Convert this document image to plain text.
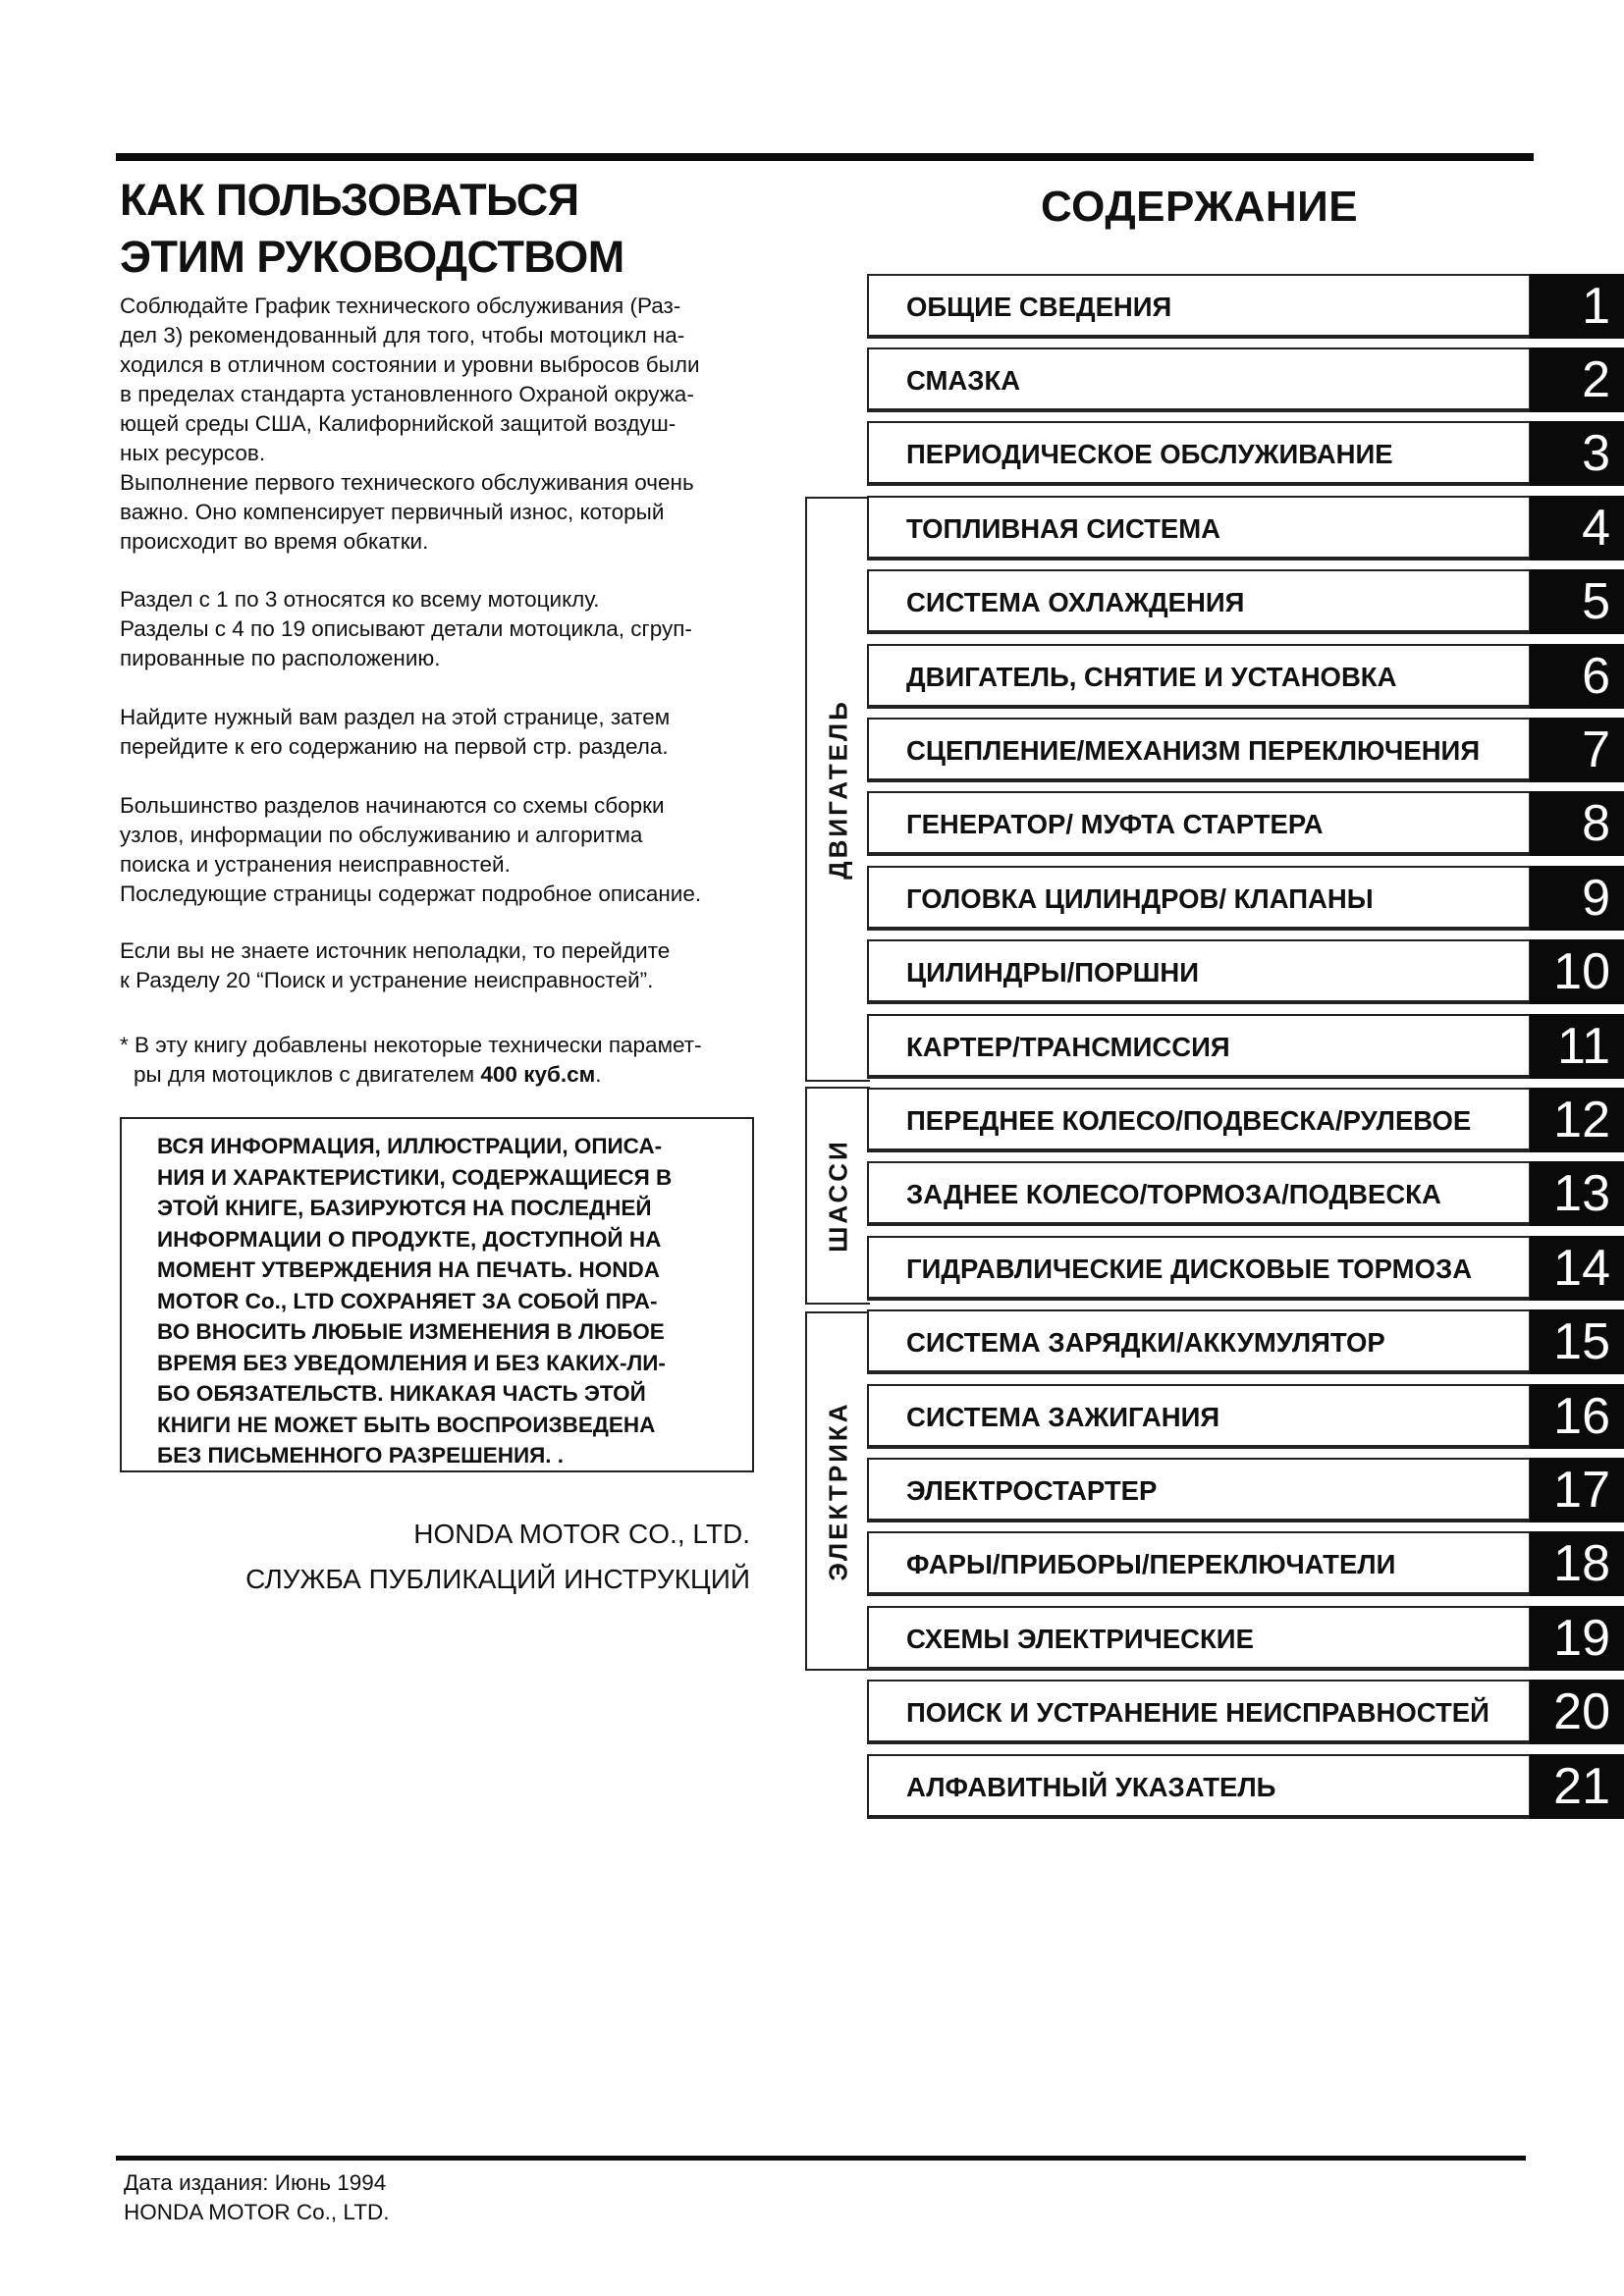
КАК ПОЛЬЗОВАТЬСЯ
ЭТИМ РУКОВОДСТВОМ
Соблюдайте График технического обслуживания (Раз-
дел 3) рекомендованный для того, чтобы мотоцикл на-
ходился в отличном состоянии и уровни выбросов были
в пределах стандарта установленного Охраной окружа-
ющей среды США, Калифорнийской защитой воздуш-
ных ресурсов.
Выполнение первого технического обслуживания очень
важно. Оно компенсирует первичный износ, который
происходит во время обкатки.
Раздел с 1 по 3 относятся ко всему мотоциклу.
Разделы с 4 по 19 описывают детали мотоцикла, сгруп-
пированные по расположению.
Найдите нужный вам раздел на этой странице, затем
перейдите к его содержанию на первой стр. раздела.
Большинство разделов начинаются со схемы сборки
узлов, информации по обслуживанию и алгоритма
поиска и устранения неисправностей.
Последующие страницы содержат подробное описание.
Если вы не знаете источник неполадки, то перейдите
к Разделу 20 “Поиск и устранение неисправностей”.
* В эту книгу добавлены некоторые технически парамет-
ры для мотоциклов с двигателем 400 куб.см.
ВСЯ ИНФОРМАЦИЯ, ИЛЛЮСТРАЦИИ, ОПИСА-
НИЯ И ХАРАКТЕРИСТИКИ, СОДЕРЖАЩИЕСЯ В
ЭТОЙ КНИГЕ, БАЗИРУЮТСЯ НА ПОСЛЕДНЕЙ
ИНФОРМАЦИИ О ПРОДУКТЕ, ДОСТУПНОЙ НА
МОМЕНТ УТВЕРЖДЕНИЯ НА ПЕЧАТЬ. HONDA
MOTOR Co., LTD СОХРАНЯЕТ ЗА СОБОЙ ПРА-
ВО ВНОСИТЬ ЛЮБЫЕ ИЗМЕНЕНИЯ В ЛЮБОЕ
ВРЕМЯ БЕЗ УВЕДОМЛЕНИЯ И БЕЗ КАКИХ-ЛИ-
БО ОБЯЗАТЕЛЬСТВ. НИКАКАЯ ЧАСТЬ ЭТОЙ
КНИГИ НЕ МОЖЕТ БЫТЬ ВОСПРОИЗВЕДЕНА
БЕЗ ПИСЬМЕННОГО РАЗРЕШЕНИЯ. .
HONDA MOTOR CO., LTD.
СЛУЖБА ПУБЛИКАЦИЙ ИНСТРУКЦИЙ
СОДЕРЖАНИЕ
ДВИГАТЕЛЬ
ШАССИ
ЭЛЕКТРИКА
ОБЩИЕ СВЕДЕНИЯ	1
СМАЗКА	2
ПЕРИОДИЧЕСКОЕ ОБСЛУЖИВАНИЕ	3
ТОПЛИВНАЯ СИСТЕМА	4
СИСТЕМА ОХЛАЖДЕНИЯ	5
ДВИГАТЕЛЬ, СНЯТИЕ И УСТАНОВКА	6
СЦЕПЛЕНИЕ/МЕХАНИЗМ ПЕРЕКЛЮЧЕНИЯ	7
ГЕНЕРАТОР/ МУФТА СТАРТЕРА	8
ГОЛОВКА ЦИЛИНДРОВ/ КЛАПАНЫ	9
ЦИЛИНДРЫ/ПОРШНИ	10
КАРТЕР/ТРАНСМИССИЯ	11
ПЕРЕДНЕЕ КОЛЕСО/ПОДВЕСКА/РУЛЕВОЕ	12
ЗАДНЕЕ КОЛЕСО/ТОРМОЗА/ПОДВЕСКА	13
ГИДРАВЛИЧЕСКИЕ ДИСКОВЫЕ ТОРМОЗА	14
СИСТЕМА ЗАРЯДКИ/АККУМУЛЯТОР	15
СИСТЕМА ЗАЖИГАНИЯ	16
ЭЛЕКТРОСТАРТЕР	17
ФАРЫ/ПРИБОРЫ/ПЕРЕКЛЮЧАТЕЛИ	18
СХЕМЫ ЭЛЕКТРИЧЕСКИЕ	19
ПОИСК И УСТРАНЕНИЕ НЕИСПРАВНОСТЕЙ	20
АЛФАВИТНЫЙ УКАЗАТЕЛЬ	21
Дата издания: Июнь 1994
HONDA MOTOR Co., LTD.
